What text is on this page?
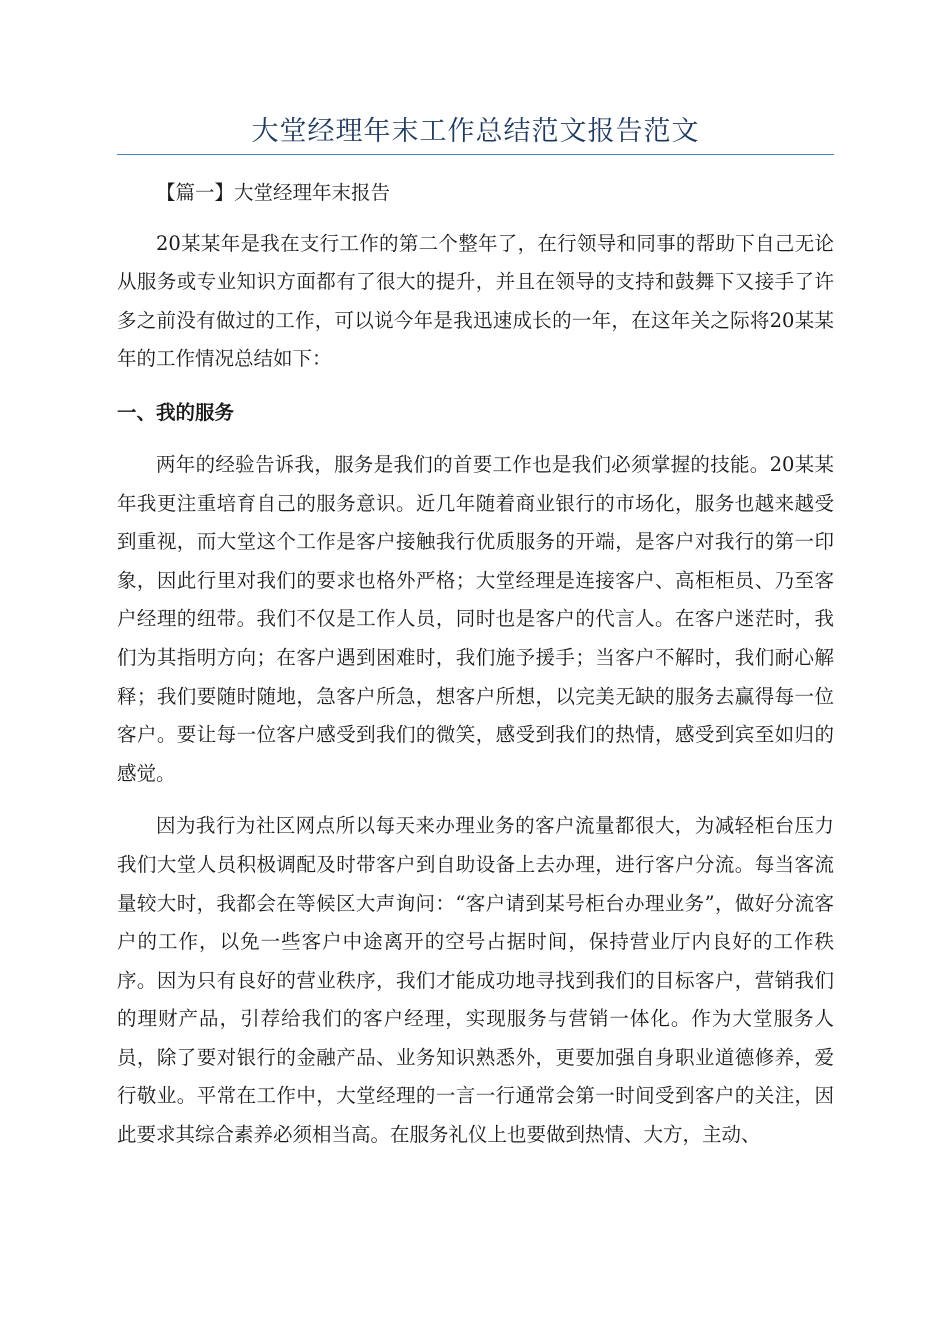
大堂经理年末工作总结范文报告范文

【篇一】大堂经理年末报告

20某某年是我在支行工作的第二个整年了，在行领导和同事的帮助下自己无论从服务或专业知识方面都有了很大的提升，并且在领导的支持和鼓舞下又接手了许多之前没有做过的工作，可以说今年是我迅速成长的一年，在这年关之际将20某某年的工作情况总结如下：

一、我的服务

两年的经验告诉我，服务是我们的首要工作也是我们必须掌握的技能。20某某年我更注重培育自己的服务意识。近几年随着商业银行的市场化，服务也越来越受到重视，而大堂这个工作是客户接触我行优质服务的开端，是客户对我行的第一印象，因此行里对我们的要求也格外严格；大堂经理是连接客户、高柜柜员、乃至客户经理的纽带。我们不仅是工作人员，同时也是客户的代言人。在客户迷茫时，我们为其指明方向；在客户遇到困难时，我们施予援手；当客户不解时，我们耐心解释；我们要随时随地，急客户所急，想客户所想，以完美无缺的服务去赢得每一位客户。要让每一位客户感受到我们的微笑，感受到我们的热情，感受到宾至如归的感觉。

因为我行为社区网点所以每天来办理业务的客户流量都很大，为减轻柜台压力我们大堂人员积极调配及时带客户到自助设备上去办理，进行客户分流。每当客流量较大时，我都会在等候区大声询问：“客户请到某号柜台办理业务”，做好分流客户的工作，以免一些客户中途离开的空号占据时间，保持营业厅内良好的工作秩序。因为只有良好的营业秩序，我们才能成功地寻找到我们的目标客户，营销我们的理财产品，引荐给我们的客户经理，实现服务与营销一体化。作为大堂服务人员，除了要对银行的金融产品、业务知识熟悉外，更要加强自身职业道德修养，爱行敬业。平常在工作中，大堂经理的一言一行通常会第一时间受到客户的关注，因此要求其综合素养必须相当高。在服务礼仪上也要做到热情、大方，主动、
